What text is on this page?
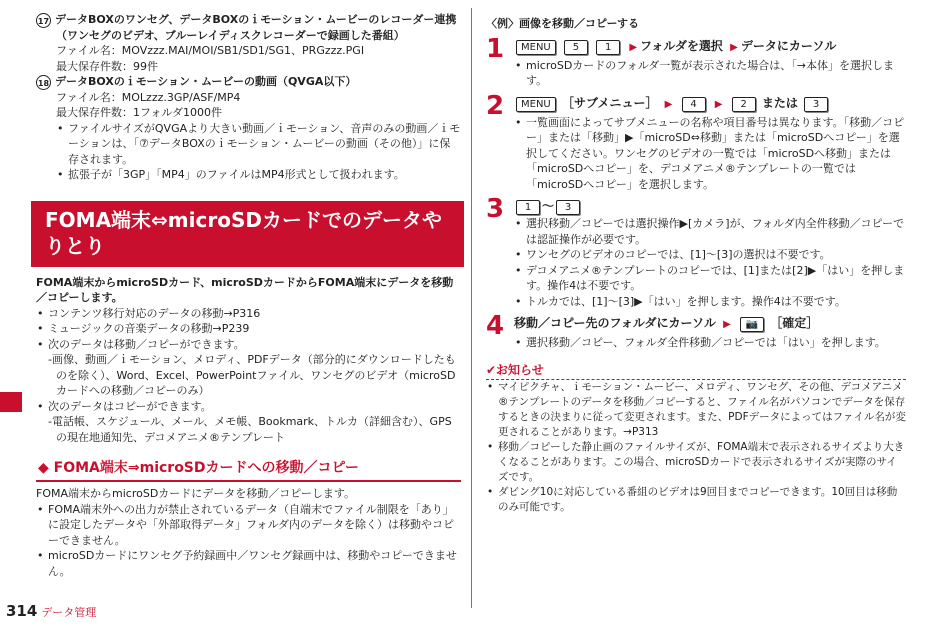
17 データBOXのワンセグ、データBOXのｉモーション・ムービーのレコーダー連携（ワンセグのビデオ、ブルーレイディスクレコーダーで録画した番組）

ファイル名：MOVzzz.MAI/MOI/SB1/SD1/SG1、PRGzzz.PGI

最大保存件数：99件

18 データBOXのｉモーション・ムービーの動画（QVGA以下）

ファイル名：MOLzzz.3GP/ASF/MP4

最大保存件数：1フォルダ1000件

• ファイルサイズがQVGAより大きい動画／ｉモーション、音声のみの動画／ｉモーションは、「⑦データBOXのｉモーション・ムービーの動画（その他）」に保存されます。
• 拡張子が「3GP」「MP4」のファイルはMP4形式として扱われます。
FOMA端末⇔microSDカードでのデータやりとり

FOMA端末からmicroSDカード、microSDカードからFOMA端末にデータを移動／コピーします。

• コンテンツ移行対応のデータの移動→P316
• ミュージックの音楽データの移動→P239
• 次のデータは移動／コピーができます。
-画像、動画／ｉモーション、メロディ、PDFデータ（部分的にダウンロードしたものを除く）、Word、Excel、PowerPointファイル、ワンセグのビデオ（microSDカードへの移動／コピーのみ）
• 次のデータはコピーができます。
-電話帳、スケジュール、メール、メモ帳、Bookmark、トルカ（詳細含む）、GPSの現在地通知先、デコメアニメ®テンプレート
◆ FOMA端末⇒microSDカードへの移動／コピー

FOMA端末からmicroSDカードにデータを移動／コピーします。

• FOMA端末外への出力が禁止されているデータ（自端末でファイル制限を「あり」に設定したデータや「外部取得データ」フォルダ内のデータを除く）は移動やコピーできません。
• microSDカードにワンセグ予約録画中／ワンセグ録画中は、移動やコピーできません。

〈例〉画像を移動／コピーする

1	MENU 5	1 ▶ フォルダを選択 ▶ データにカーソル
• microSDカードのフォルダ一覧が表示された場合は、「→本体」を選択します。
2	MENU ［サブメニュー］ ▶ 4 ▶ 2 または 3
• 一覧画面によってサブメニューの名称や項目番号は異なります。「移動／コピー」または「移動」▶「microSD⇔移動」または「microSDへコピー」を選択してください。ワンセグのビデオの一覧では「microSDへ移動」または「microSDへコピー」を、デコメアニメ®テンプレートの一覧では「microSDへコピー」を選択します。
3	1 ～ 3
• 選択移動／コピーでは選択操作▶[カメラ]が、フォルダ内全件移動／コピーでは認証操作が必要です。
• ワンセグのビデオのコピーでは、[1]～[3]の選択は不要です。
• デコメアニメ®テンプレートのコピーでは、[1]または[2]▶「はい」を押します。操作4は不要です。
• トルカでは、[1]～[3]▶「はい」を押します。操作4は不要です。
4 移動／コピー先のフォルダにカーソル ▶ 📷 ［確定］
• 選択移動／コピー、フォルダ全件移動／コピーでは「はい」を押します。
✔お知らせ
• マイピクチャ、ｉモーション・ムービー、メロディ、ワンセグ、その他、デコメアニメ®テンプレートのデータを移動／コピーすると、ファイル名がパソコンでデータを保存するときの決まりに従って変更されます。また、PDFデータによってはファイル名が変更されることがあります。→P313
• 移動／コピーした静止画のファイルサイズが、FOMA端末で表示されるサイズより大きくなることがあります。この場合、microSDカードで表示されるサイズが実際のサイズです。
• ダビング10に対応している番組のビデオは9回目までコピーできます。10回目は移動のみ可能です。
314 データ管理
